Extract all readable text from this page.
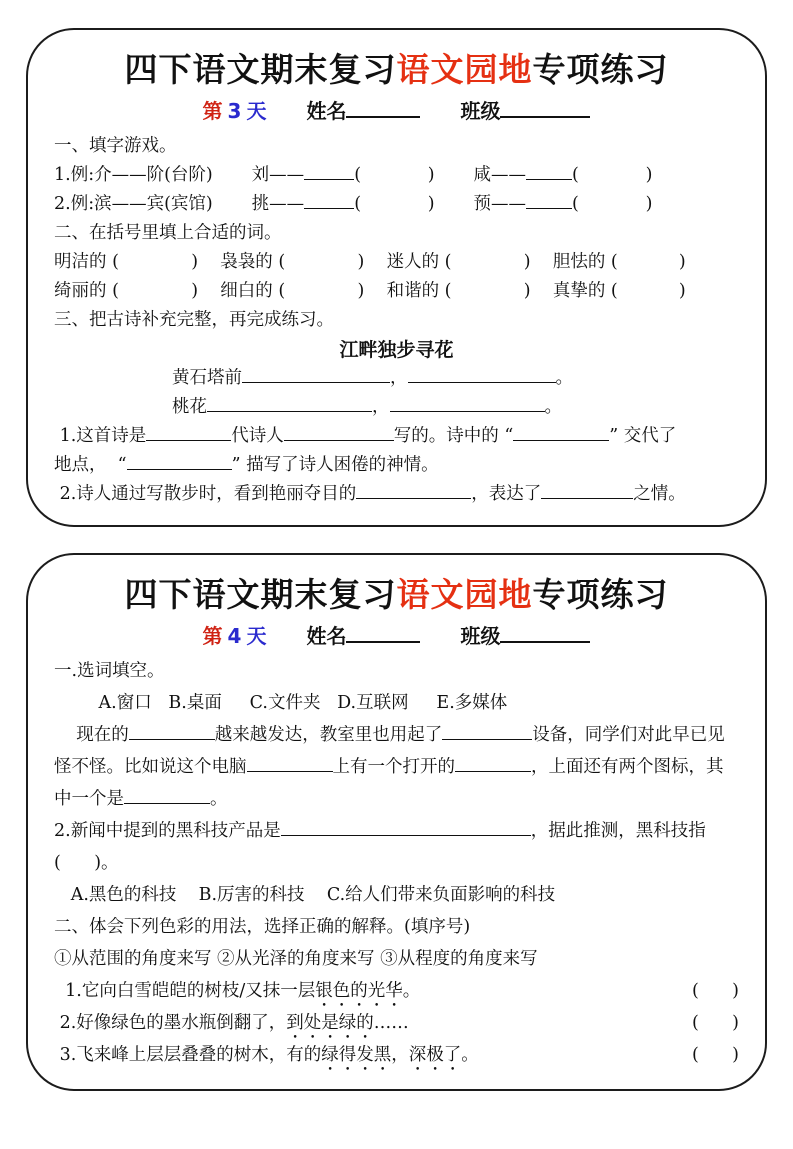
四下语文期末复习语文园地专项练习
第 3 天 姓名	班级
一、填字游戏。
1.例:介——阶(台阶)       刘——	(            )       咸——	(            )
2.例:滨——宾(宾馆)       挑——	(            )       预——	(            )
二、在括号里填上合适的词。
明洁的 (             )    袅袅的 (             )    迷人的 (             )    胆怯的 (           )
绮丽的 (             )    细白的 (             )    和谐的 (             )    真挚的 (           )
三、把古诗补充完整，再完成练习。
江畔独步寻花
黄石塔前	，	。
桃花	，	。
1.这首诗是	代诗人	写的。诗中的 “	” 交代了
地点，  “	” 描写了诗人困倦的神情。
2.诗人通过写散步时，看到艳丽夺目的	，表达了	之情。
四下语文期末复习语文园地专项练习
第 4 天 姓名	班级
一.选词填空。
A.窗口   B.桌面     C.文件夹   D.互联网     E.多媒体
现在的	越来越发达，教室里也用起了	设备，同学们对此早已见
怪不怪。比如说这个电脑	上有一个打开的	，上面还有两个图标，其
中一个是	。
2.新闻中提到的黑科技产品是	，据此推测，黑科技指
(      )。
A.黑色的科技    B.厉害的科技    C.给人们带来负面影响的科技
二、体会下列色彩的用法，选择正确的解释。(填序号)
①从范围的角度来写 ②从光泽的角度来写 ③从程度的角度来写
1.它向白雪皑皑的树枝/又抹一层 银色的光华 。	(      )
2.好像绿色的墨水瓶倒翻了， 到处是绿的 ……	(      )
3.飞来峰上层层叠叠的树木，有的 绿得发黑 ， 深极了 。	(      )
